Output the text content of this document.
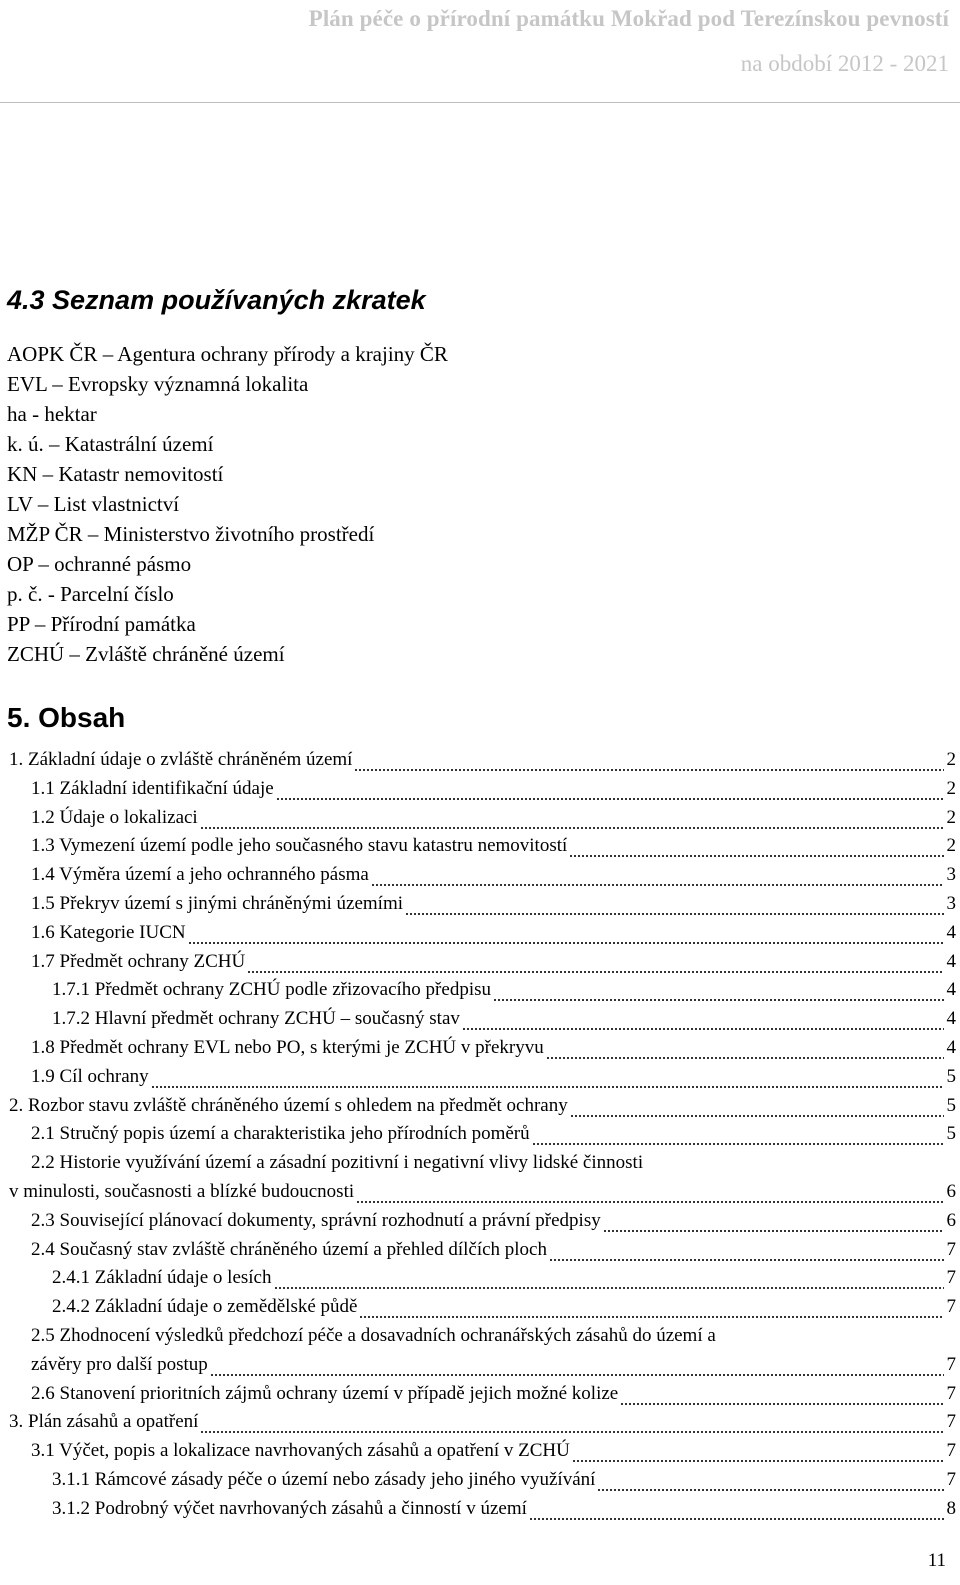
Plán péče o přírodní památku Mokřad pod Terezínskou pevností
na období 2012 - 2021
4.3 Seznam používaných zkratek
AOPK ČR – Agentura ochrany přírody a krajiny ČR
EVL – Evropsky významná lokalita
ha - hektar
k. ú. – Katastrální území
KN – Katastr nemovitostí
LV – List vlastnictví
MŽP ČR – Ministerstvo životního prostředí
OP – ochranné pásmo
p. č. - Parcelní číslo
PP – Přírodní památka
ZCHÚ – Zvláště chráněné území
5. Obsah
1. Základní údaje o zvláště chráněném území	2
1.1 Základní identifikační údaje	2
1.2 Údaje o lokalizaci	2
1.3 Vymezení území podle jeho současného stavu katastru nemovitostí	2
1.4 Výměra území a jeho ochranného pásma	3
1.5 Překryv území s jinými chráněnými územími	3
1.6 Kategorie IUCN	4
1.7 Předmět ochrany ZCHÚ	4
1.7.1 Předmět ochrany ZCHÚ podle zřizovacího předpisu	4
1.7.2 Hlavní předmět ochrany ZCHÚ – současný stav	4
1.8 Předmět ochrany EVL nebo PO, s kterými je ZCHÚ v překryvu	4
1.9 Cíl ochrany	5
2. Rozbor stavu zvláště chráněného území s ohledem na předmět ochrany	5
2.1 Stručný popis území a charakteristika jeho přírodních poměrů	5
2.2 Historie využívání území a zásadní pozitivní i negativní vlivy lidské činnosti
v minulosti, současnosti a blízké budoucnosti	6
2.3 Související plánovací dokumenty, správní rozhodnutí a právní předpisy	6
2.4 Současný stav zvláště chráněného území a přehled dílčích ploch	7
2.4.1 Základní údaje o lesích	7
2.4.2 Základní údaje o zemědělské půdě	7
2.5 Zhodnocení výsledků předchozí péče a dosavadních ochranářských zásahů do území a
závěry pro další postup	7
2.6 Stanovení prioritních zájmů ochrany území v případě jejich možné kolize	7
3. Plán zásahů a opatření	7
3.1 Výčet, popis a lokalizace navrhovaných zásahů a opatření v ZCHÚ	7
3.1.1 Rámcové zásady péče o území nebo zásady jeho jiného využívání	7
3.1.2 Podrobný výčet navrhovaných zásahů a činností v území	8
11
